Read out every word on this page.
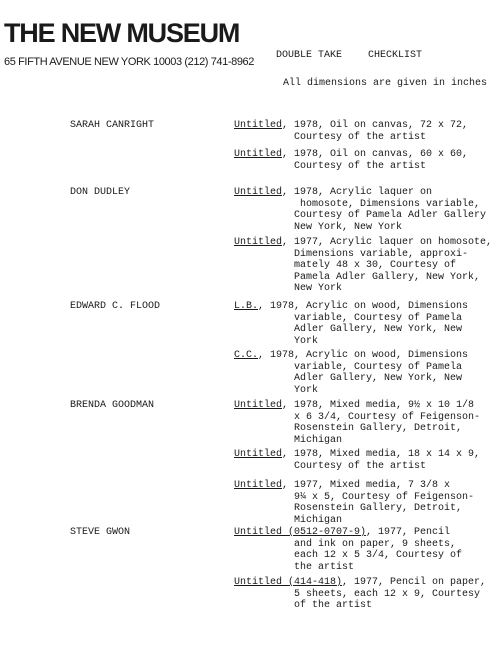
THE NEW MUSEUM
65 FIFTH AVENUE NEW YORK 10003 (212) 741-8962
DOUBLE TAKE	CHECKLIST
All dimensions are given in inches
SARAH CANRIGHT	Untitled, 1978, Oil on canvas, 72 x 72,
Courtesy of the artist
Untitled, 1978, Oil on canvas, 60 x 60,
Courtesy of the artist
DON DUDLEY	Untitled, 1978, Acrylic laquer on
homosote, Dimensions variable,
Courtesy of Pamela Adler Gallery
New York, New York
Untitled, 1977, Acrylic laquer on homosote,
Dimensions variable, approxi-
mately 48 x 30, Courtesy of
Pamela Adler Gallery, New York,
New York
EDWARD C. FLOOD	L.B., 1978, Acrylic on wood, Dimensions
variable, Courtesy of Pamela
Adler Gallery, New York, New
York
C.C., 1978, Acrylic on wood, Dimensions
variable, Courtesy of Pamela
Adler Gallery, New York, New
York
BRENDA GOODMAN	Untitled, 1978, Mixed media, 9½ x 10 1/8
x 6 3/4, Courtesy of Feigenson-
Rosenstein Gallery, Detroit,
Michigan
Untitled, 1978, Mixed media, 18 x 14 x 9,
Courtesy of the artist
Untitled, 1977, Mixed media, 7 3/8 x
9¼ x 5, Courtesy of Feigenson-
Rosenstein Gallery, Detroit,
Michigan
STEVE GWON	Untitled (0512-0707-9), 1977, Pencil
and ink on paper, 9 sheets,
each 12 x 5 3/4, Courtesy of
the artist
Untitled (414-418), 1977, Pencil on paper,
5 sheets, each 12 x 9, Courtesy
of the artist
